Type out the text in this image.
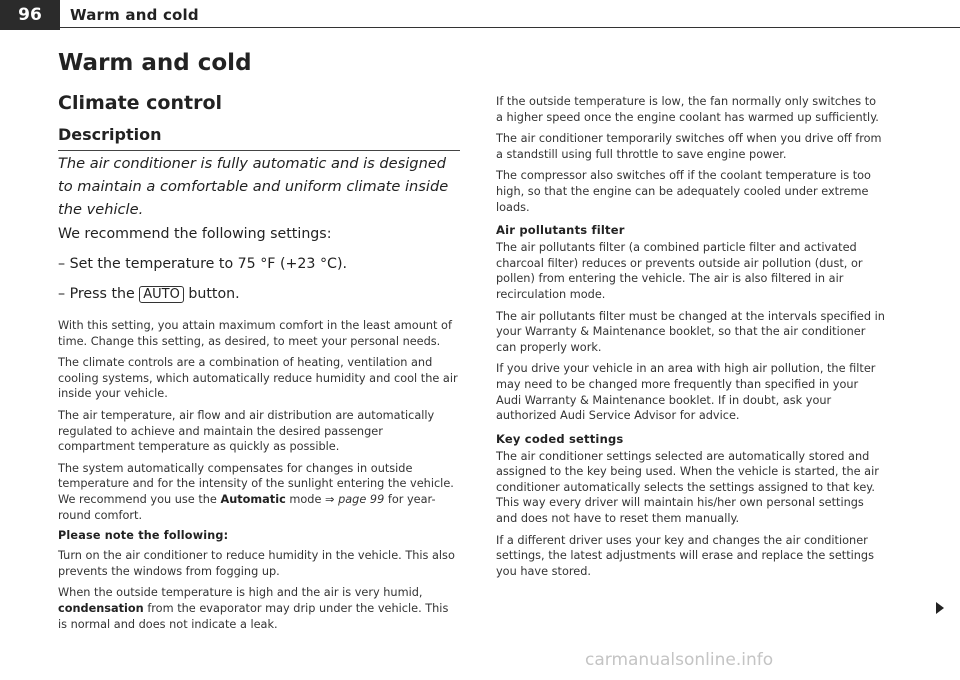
96	Warm and cold
Warm and cold
Climate control
Description

The air conditioner is fully automatic and is designed to maintain a comfortable and uniform climate inside the vehicle.

We recommend the following settings:

– Set the temperature to 75 °F (+23 °C).

– Press the AUTO button.

With this setting, you attain maximum comfort in the least amount of time. Change this setting, as desired, to meet your personal needs.

The climate controls are a combination of heating, ventilation and cooling systems, which automatically reduce humidity and cool the air inside your vehicle.

The air temperature, air flow and air distribution are automatically regulated to achieve and maintain the desired passenger compartment temperature as quickly as possible.

The system automatically compensates for changes in outside temperature and for the intensity of the sunlight entering the vehicle. We recommend you use the Automatic mode ⇒ page 99 for year-round comfort.

Please note the following:

Turn on the air conditioner to reduce humidity in the vehicle. This also prevents the windows from fogging up.

When the outside temperature is high and the air is very humid, condensation from the evaporator may drip under the vehicle. This is normal and does not indicate a leak.

If the outside temperature is low, the fan normally only switches to a higher speed once the engine coolant has warmed up sufficiently.

The air conditioner temporarily switches off when you drive off from a standstill using full throttle to save engine power.

The compressor also switches off if the coolant temperature is too high, so that the engine can be adequately cooled under extreme loads.

Air pollutants filter

The air pollutants filter (a combined particle filter and activated charcoal filter) reduces or prevents outside air pollution (dust, or pollen) from entering the vehicle. The air is also filtered in air recirculation mode.

The air pollutants filter must be changed at the intervals specified in your Warranty & Maintenance booklet, so that the air conditioner can properly work.

If you drive your vehicle in an area with high air pollution, the filter may need to be changed more frequently than specified in your Audi Warranty & Maintenance booklet. If in doubt, ask your authorized Audi Service Advisor for advice.

Key coded settings

The air conditioner settings selected are automatically stored and assigned to the key being used. When the vehicle is started, the air conditioner automatically selects the settings assigned to that key. This way every driver will maintain his/her own personal settings and does not have to reset them manually.

If a different driver uses your key and changes the air conditioner settings, the latest adjustments will erase and replace the settings you have stored.

carmanualsonline.info
